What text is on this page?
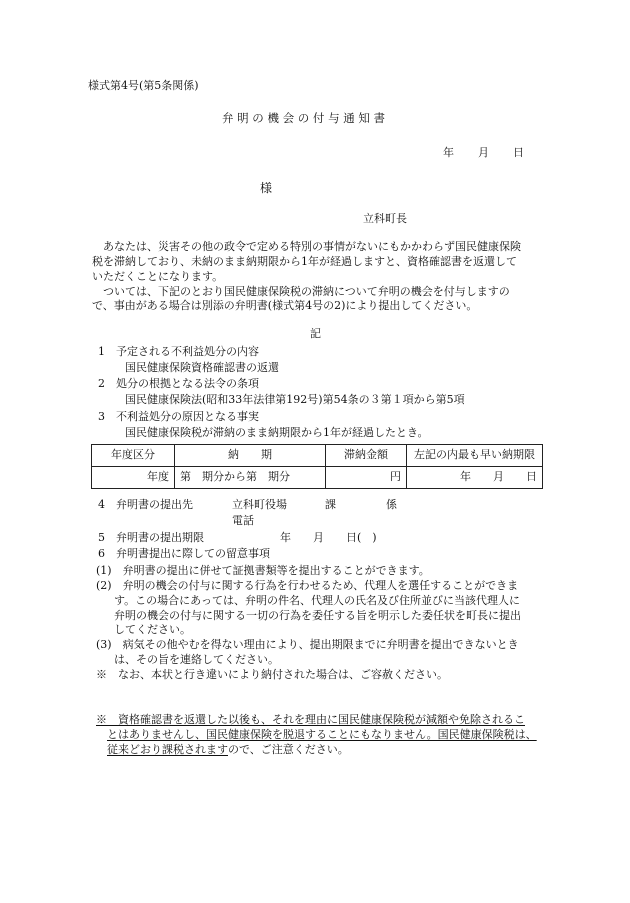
様式第4号(第5条関係)
弁 明 の 機 会 の 付 与 通 知 書
年 月 日
様
立科町長

あなたは、災害その他の政令で定める特別の事情がないにもかかわらず国民健康保険

税を滞納しており、未納のまま納期限から1年が経過しますと、資格確認書を返還して

いただくことになります。

ついては、下記のとおり国民健康保険税の滞納について弁明の機会を付与しますの

で、事由がある場合は別添の弁明書(様式第4号の2)により提出してください。

記
1　予定される不利益処分の内容
国民健康保険資格確認書の返還
2　処分の根拠となる法令の条項
国民健康保険法(昭和33年法律第192号)第54条の３第１項から第5項
3　不利益処分の原因となる事実
国民健康保険税が滞納のまま納期限から1年が経過したとき。
年度区分	納　　期	滞納金額	左記の内最も早い納期限
年度	第　期分から第　期分	円	年　　月　　日
4　弁明書の提出先	立科町役場	課	係
電話
5　弁明書の提出期限	年　　月　　日(　)
6　弁明書提出に際しての留意事項

(1)　弁明書の提出に併せて証拠書類等を提出することができます。

(2)　弁明の機会の付与に関する行為を行わせるため、代理人を選任することができま

す。この場合にあっては、弁明の件名、代理人の氏名及び住所並びに当該代理人に

弁明の機会の付与に関する一切の行為を委任する旨を明示した委任状を町長に提出

してください。

(3)　病気その他やむを得ない理由により、提出期限までに弁明書を提出できないとき

は、その旨を連絡してください。

※　なお、本状と行き違いにより納付された場合は、ご容赦ください。

※　資格確認書を返還した以後も、それを理由に国民健康保険税が減額や免除されるこ

とはありませんし、国民健康保険を脱退することにもなりません。国民健康保険税は、

従来どおり課税されますので、ご注意ください。
